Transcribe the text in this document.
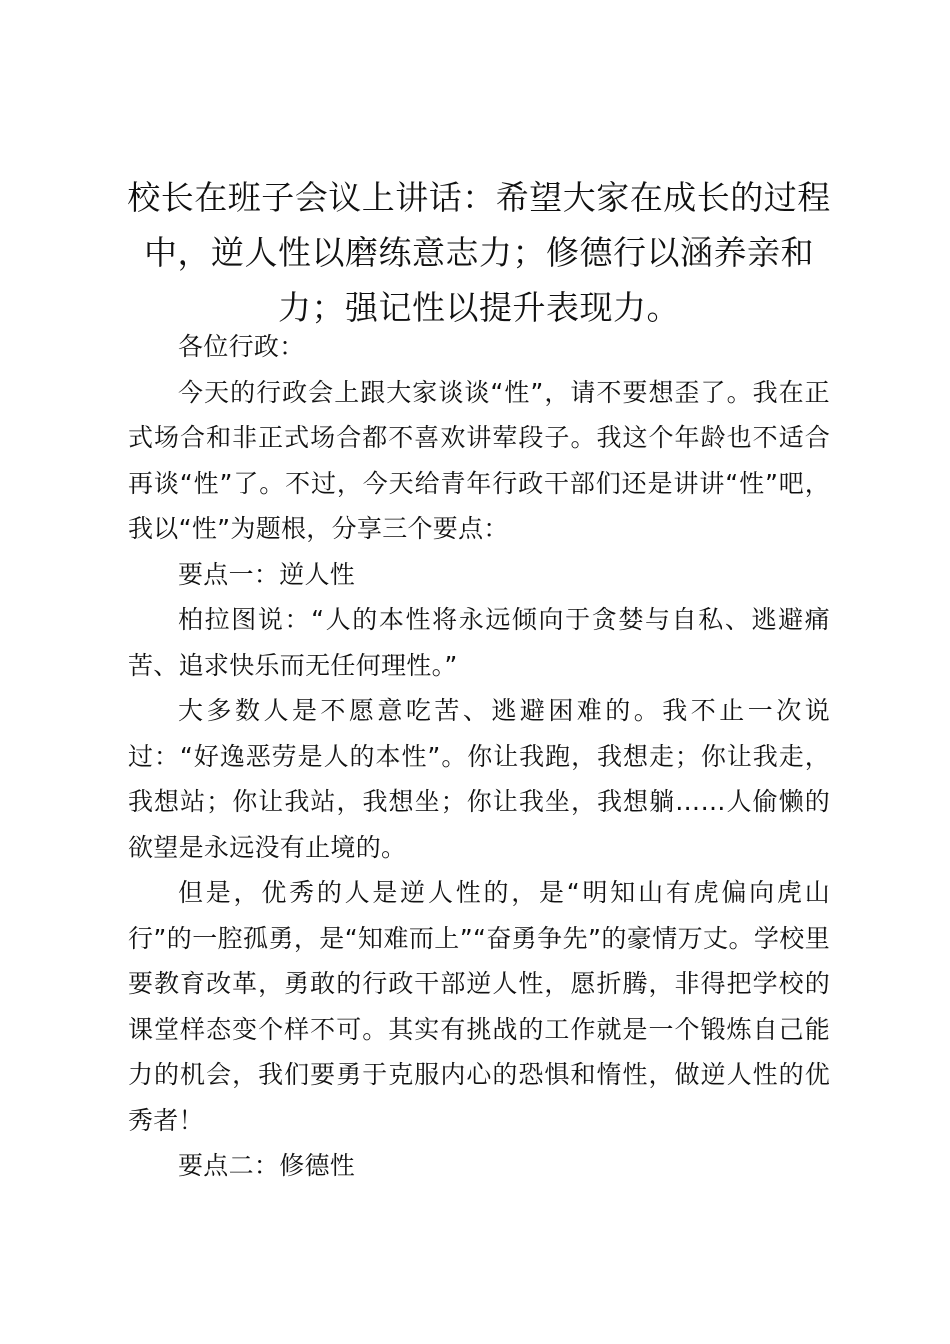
校长在班子会议上讲话：希望大家在成长的过程中，逆人性以磨练意志力；修德行以涵养亲和力；强记性以提升表现力。

各位行政：

今天的行政会上跟大家谈谈“性”，请不要想歪了。我在正式场合和非正式场合都不喜欢讲荤段子。我这个年龄也不适合再谈“性”了。不过，今天给青年行政干部们还是讲讲“性”吧，我以“性”为题根，分享三个要点：

要点一：逆人性

柏拉图说：“人的本性将永远倾向于贪婪与自私、逃避痛苦、追求快乐而无任何理性。”

大多数人是不愿意吃苦、逃避困难的。我不止一次说过：“好逸恶劳是人的本性”。你让我跑，我想走；你让我走，我想站；你让我站，我想坐；你让我坐，我想躺……人偷懒的欲望是永远没有止境的。

但是，优秀的人是逆人性的，是“明知山有虎偏向虎山行”的一腔孤勇，是“知难而上”“奋勇争先”的豪情万丈。学校里要教育改革，勇敢的行政干部逆人性，愿折腾，非得把学校的课堂样态变个样不可。其实有挑战的工作就是一个锻炼自己能力的机会，我们要勇于克服内心的恐惧和惰性，做逆人性的优秀者！

要点二：修德性
